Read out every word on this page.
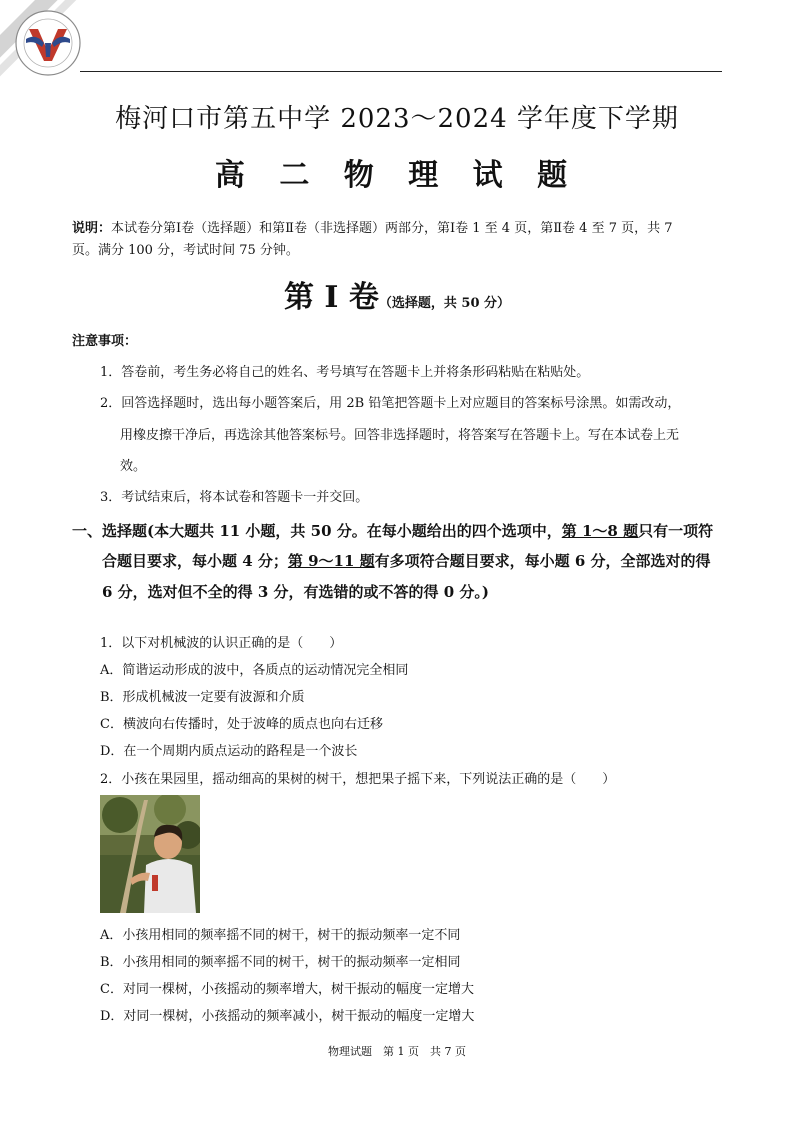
梅河口市第五中学 2023～2024 学年度下学期
高 二 物 理 试 题
说明：本试卷分第Ⅰ卷（选择题）和第Ⅱ卷（非选择题）两部分，第Ⅰ卷 1 至 4 页，第Ⅱ卷 4 至 7 页，共 7
页。满分 100 分，考试时间 75 分钟。
第 I 卷（选择题，共 50 分）
注意事项：
1．答卷前，考生务必将自己的姓名、考号填写在答题卡上并将条形码粘贴在粘贴处。
2．回答选择题时，选出每小题答案后，用 2B 铅笔把答题卡上对应题目的答案标号涂黑。如需改动，
用橡皮擦干净后，再选涂其他答案标号。回答非选择题时，将答案写在答题卡上。写在本试卷上无
效。
3．考试结束后，将本试卷和答题卡一并交回。
一、选择题(本大题共 11 小题，共 50 分。在每小题给出的四个选项中，第 1～8 题只有一项符
合题目要求，每小题 4 分；第 9～11 题有多项符合题目要求，每小题 6 分，全部选对的得
6 分，选对但不全的得 3 分，有选错的或不答的得 0 分。)
1．以下对机械波的认识正确的是（　　）
A．简谐运动形成的波中，各质点的运动情况完全相同
B．形成机械波一定要有波源和介质
C．横波向右传播时，处于波峰的质点也向右迁移
D．在一个周期内质点运动的路程是一个波长
2．小孩在果园里，摇动细高的果树的树干，想把果子摇下来，下列说法正确的是（　　）
A．小孩用相同的频率摇不同的树干，树干的振动频率一定不同
B．小孩用相同的频率摇不同的树干，树干的振动频率一定相同
C．对同一棵树，小孩摇动的频率增大，树干振动的幅度一定增大
D．对同一棵树，小孩摇动的频率减小，树干振动的幅度一定增大
物理试题　第 1 页　共 7 页
